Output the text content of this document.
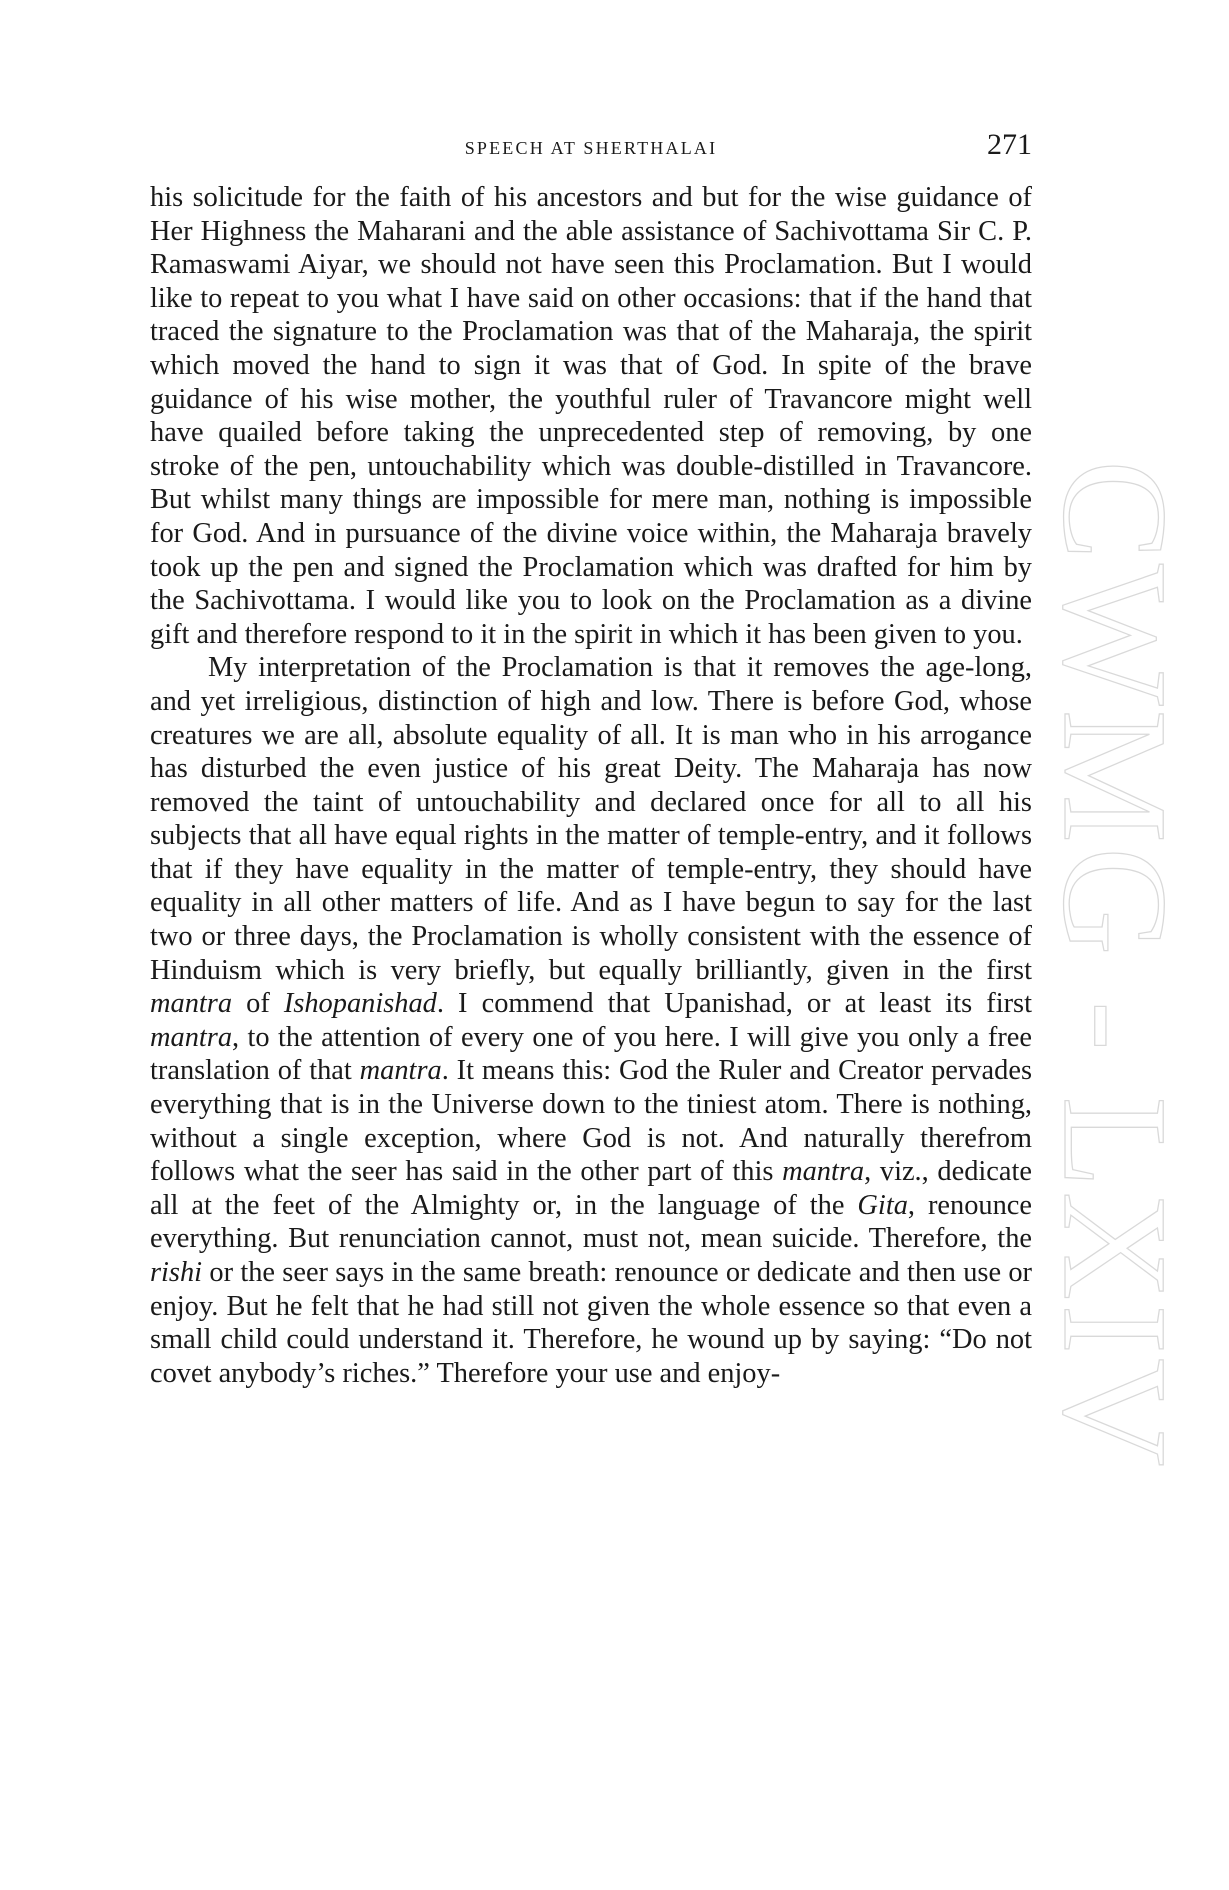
CWMG - LXIV
SPEECH AT SHERTHALAI	271

his solicitude for the faith of his ancestors and but for the wise guidance of Her Highness the Maharani and the able assistance of Sachivottama Sir C. P. Ramaswami Aiyar, we should not have seen this Proclamation. But I would like to repeat to you what I have said on other occasions: that if the hand that traced the signature to the Proclamation was that of the Maharaja, the spirit which moved the hand to sign it was that of God. In spite of the brave guidance of his wise mother, the youthful ruler of Travancore might well have quailed before taking the unprecedented step of removing, by one stroke of the pen, untouchability which was double-distilled in Travancore. But whilst many things are impossible for mere man, nothing is impossible for God. And in pursuance of the divine voice within, the Maharaja bravely took up the pen and signed the Proclamation which was drafted for him by the Sachivottama. I would like you to look on the Proclamation as a divine gift and therefore respond to it in the spirit in which it has been given to you.

My interpretation of the Proclamation is that it removes the age-long, and yet irreligious, distinction of high and low. There is before God, whose creatures we are all, absolute equality of all. It is man who in his arrogance has disturbed the even justice of his great Deity. The Maharaja has now removed the taint of untouchability and declared once for all to all his subjects that all have equal rights in the matter of temple-entry, and it follows that if they have equality in the matter of temple-entry, they should have equality in all other matters of life. And as I have begun to say for the last two or three days, the Proclamation is wholly consistent with the essence of Hinduism which is very briefly, but equally brilliantly, given in the first mantra of Ishopanishad. I commend that Upanishad, or at least its first mantra, to the attention of every one of you here. I will give you only a free translation of that mantra. It means this: God the Ruler and Creator pervades everything that is in the Universe down to the tiniest atom. There is nothing, without a single exception, where God is not. And naturally therefrom follows what the seer has said in the other part of this mantra, viz., dedicate all at the feet of the Almighty or, in the language of the Gita, renounce everything. But renunciation cannot, must not, mean suicide. Therefore, the rishi or the seer says in the same breath: renounce or dedicate and then use or enjoy. But he felt that he had still not given the whole essence so that even a small child could understand it. Therefore, he wound up by saying: “Do not covet anybody’s riches.” Therefore your use and enjoy-
